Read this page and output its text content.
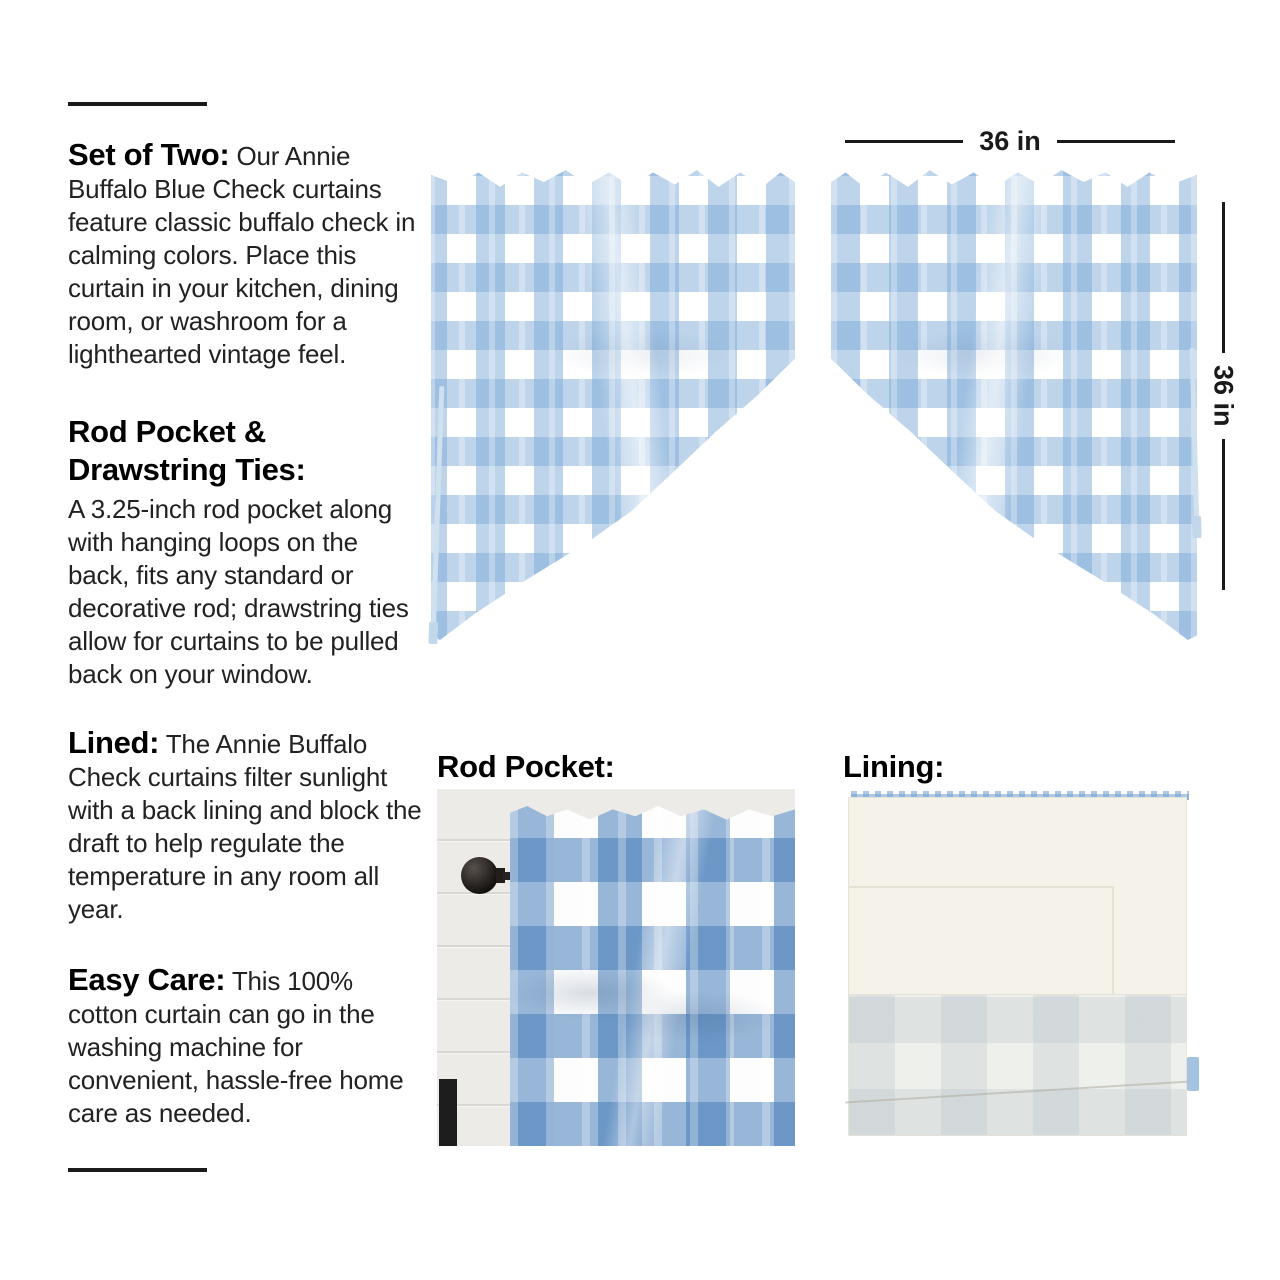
Set of Two: Our Annie Buffalo Blue Check curtains feature classic buffalo check in calming colors. Place this curtain in your kitchen, dining room, or washroom for a lighthearted vintage feel.

Rod Pocket & Drawstring Ties:
A 3.25-inch rod pocket along with hanging loops on the back, fits any standard or decorative rod; drawstring ties allow for curtains to be pulled back on your window.

Lined: The Annie Buffalo Check curtains filter sunlight with a back lining and block the draft to help regulate the temperature in any room all year.

Easy Care: This 100% cotton curtain can go in the washing machine for convenient, hassle-free home care as needed.

36 in
36 in
Rod Pocket:	Lining:
